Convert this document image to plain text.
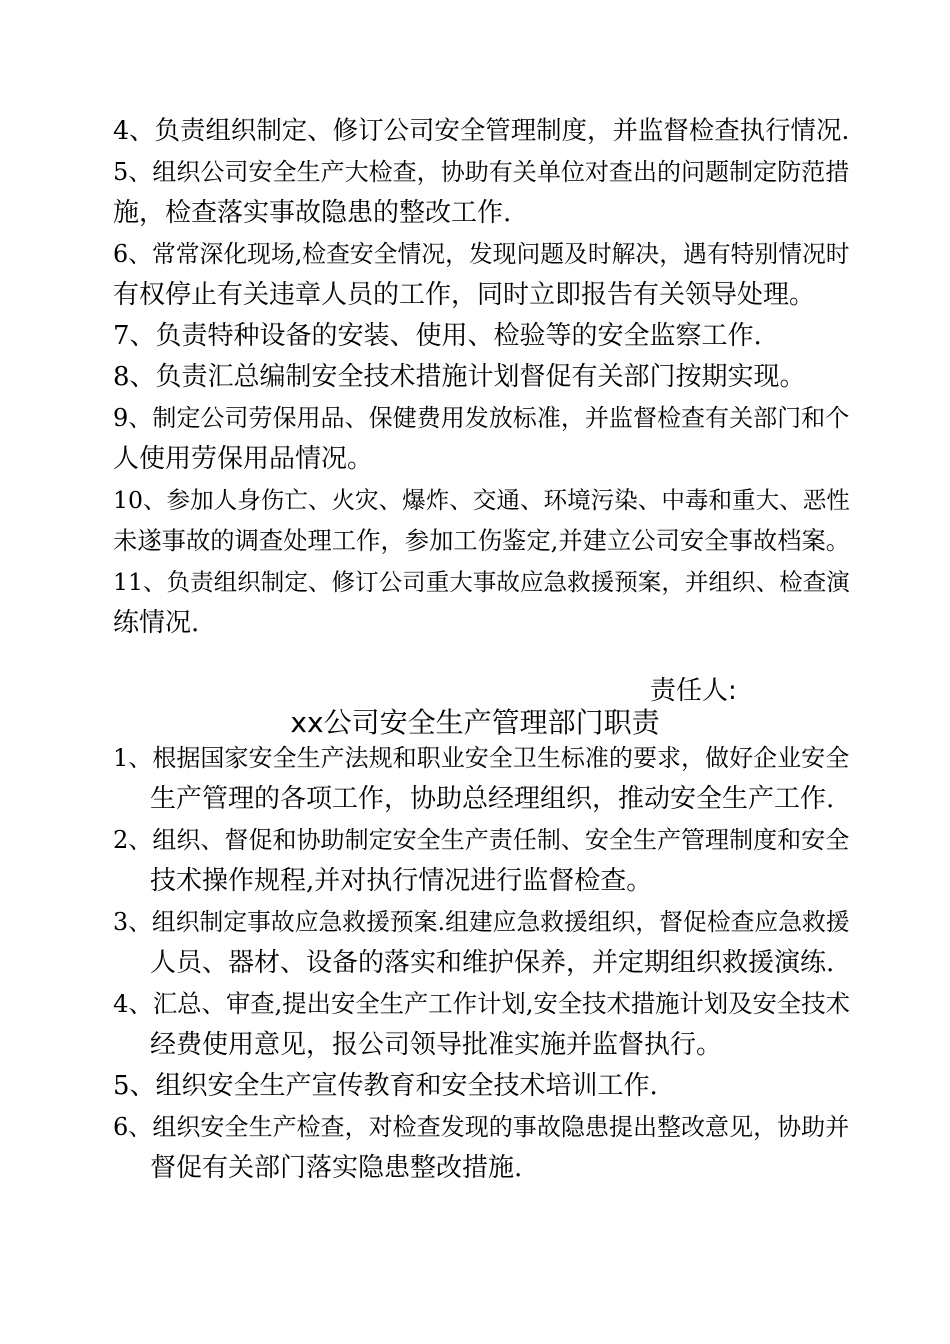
4、负责组织制定、修订公司安全管理制度，并监督检查执行情况.
5、组织公司安全生产大检查，协助有关单位对查出的问题制定防范措
施，检查落实事故隐患的整改工作.
6、常常深化现场,检查安全情况，发现问题及时解决，遇有特别情况时
有权停止有关违章人员的工作，同时立即报告有关领导处理。
7、负责特种设备的安装、使用、检验等的安全监察工作.
8、负责汇总编制安全技术措施计划督促有关部门按期实现。
9、制定公司劳保用品、保健费用发放标准，并监督检查有关部门和个
人使用劳保用品情况。
10、参加人身伤亡、火灾、爆炸、交通、环境污染、中毒和重大、恶性
未遂事故的调查处理工作，参加工伤鉴定,并建立公司安全事故档案。
11、负责组织制定、修订公司重大事故应急救援预案，并组织、检查演
练情况.
责任人:
xx公司安全生产管理部门职责
1、根据国家安全生产法规和职业安全卫生标准的要求，做好企业安全
生产管理的各项工作，协助总经理组织，推动安全生产工作.
2、组织、督促和协助制定安全生产责任制、安全生产管理制度和安全
技术操作规程,并对执行情况进行监督检查。
3、组织制定事故应急救援预案.组建应急救援组织，督促检查应急救援
人员、器材、设备的落实和维护保养，并定期组织救援演练.
4、汇总、审查,提出安全生产工作计划,安全技术措施计划及安全技术
经费使用意见，报公司领导批准实施并监督执行。
5、组织安全生产宣传教育和安全技术培训工作.
6、组织安全生产检查，对检查发现的事故隐患提出整改意见，协助并
督促有关部门落实隐患整改措施.
